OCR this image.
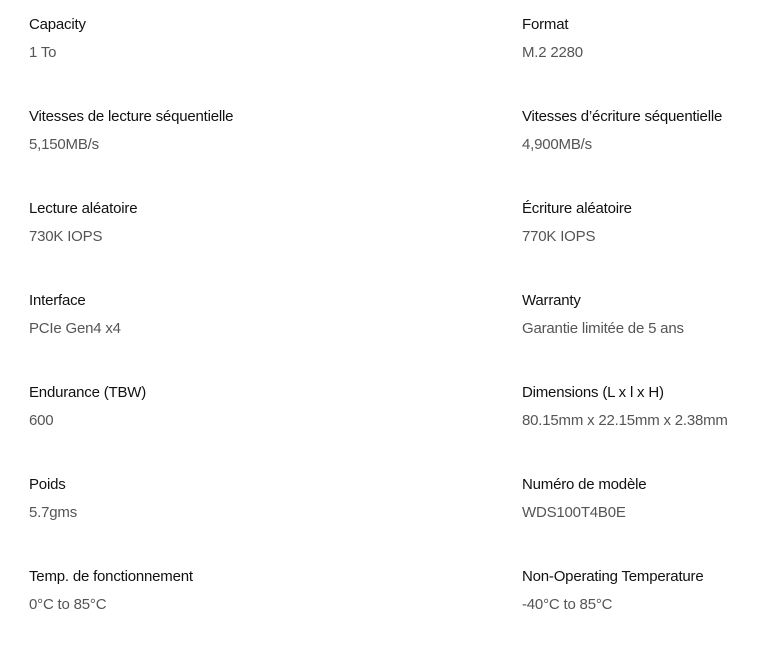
Capacity
1 To
Format
M.2 2280
Vitesses de lecture séquentielle
5,150MB/s
Vitesses d’écriture séquentielle
4,900MB/s
Lecture aléatoire
730K IOPS
Écriture aléatoire
770K IOPS
Interface
PCIe Gen4 x4
Warranty
Garantie limitée de 5 ans
Endurance (TBW)
600
Dimensions (L x l x H)
80.15mm x 22.15mm x 2.38mm
Poids
5.7gms
Numéro de modèle
WDS100T4B0E
Temp. de fonctionnement
0°C to 85°C
Non-Operating Temperature
-40°C to 85°C
